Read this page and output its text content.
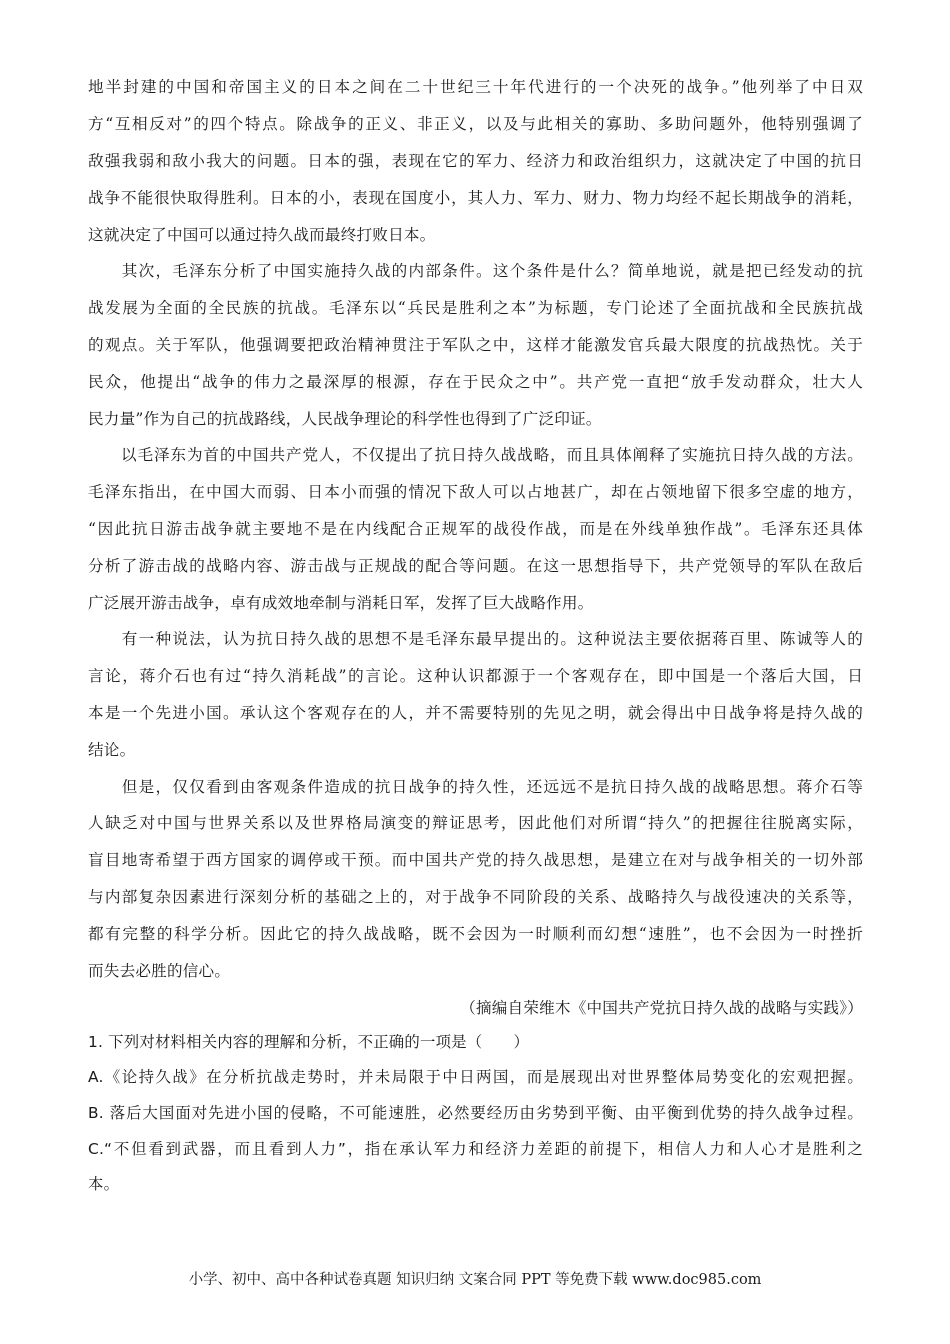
地半封建的中国和帝国主义的日本之间在二十世纪三十年代进行的一个决死的战争。”他列举了中日双
方“互相反对”的四个特点。除战争的正义、非正义，以及与此相关的寡助、多助问题外，他特别强调了
敌强我弱和敌小我大的问题。日本的强，表现在它的军力、经济力和政治组织力，这就决定了中国的抗日
战争不能很快取得胜利。日本的小，表现在国度小，其人力、军力、财力、物力均经不起长期战争的消耗，
这就决定了中国可以通过持久战而最终打败日本。
　　其次，毛泽东分析了中国实施持久战的内部条件。这个条件是什么？简单地说，就是把已经发动的抗
战发展为全面的全民族的抗战。毛泽东以“兵民是胜利之本”为标题，专门论述了全面抗战和全民族抗战
的观点。关于军队，他强调要把政治精神贯注于军队之中，这样才能激发官兵最大限度的抗战热忱。关于
民众，他提出“战争的伟力之最深厚的根源，存在于民众之中”。共产党一直把“放手发动群众，壮大人
民力量”作为自己的抗战路线，人民战争理论的科学性也得到了广泛印证。
　　以毛泽东为首的中国共产党人，不仅提出了抗日持久战战略，而且具体阐释了实施抗日持久战的方法。
毛泽东指出，在中国大而弱、日本小而强的情况下敌人可以占地甚广，却在占领地留下很多空虚的地方，
“因此抗日游击战争就主要地不是在内线配合正规军的战役作战，而是在外线单独作战”。毛泽东还具体
分析了游击战的战略内容、游击战与正规战的配合等问题。在这一思想指导下，共产党领导的军队在敌后
广泛展开游击战争，卓有成效地牵制与消耗日军，发挥了巨大战略作用。
　　有一种说法，认为抗日持久战的思想不是毛泽东最早提出的。这种说法主要依据蒋百里、陈诚等人的
言论，蒋介石也有过“持久消耗战”的言论。这种认识都源于一个客观存在，即中国是一个落后大国，日
本是一个先进小国。承认这个客观存在的人，并不需要特别的先见之明，就会得出中日战争将是持久战的
结论。
　　但是，仅仅看到由客观条件造成的抗日战争的持久性，还远远不是抗日持久战的战略思想。蒋介石等
人缺乏对中国与世界关系以及世界格局演变的辩证思考，因此他们对所谓“持久”的把握往往脱离实际，
盲目地寄希望于西方国家的调停或干预。而中国共产党的持久战思想，是建立在对与战争相关的一切外部
与内部复杂因素进行深刻分析的基础之上的，对于战争不同阶段的关系、战略持久与战役速决的关系等，
都有完整的科学分析。因此它的持久战战略，既不会因为一时顺利而幻想“速胜”，也不会因为一时挫折
而失去必胜的信心。
（摘编自荣维木《中国共产党抗日持久战的战略与实践》）
1. 下列对材料相关内容的理解和分析，不正确的一项是（　　）
A.《论持久战》在分析抗战走势时，并未局限于中日两国，而是展现出对世界整体局势变化的宏观把握。
B. 落后大国面对先进小国的侵略，不可能速胜，必然要经历由劣势到平衡、由平衡到优势的持久战争过程。
C.“不但看到武器，而且看到人力”，指在承认军力和经济力差距的前提下，相信人力和人心才是胜利之
本。
小学、初中、高中各种试卷真题 知识归纳 文案合同 PPT 等免费下载 www.doc985.com
